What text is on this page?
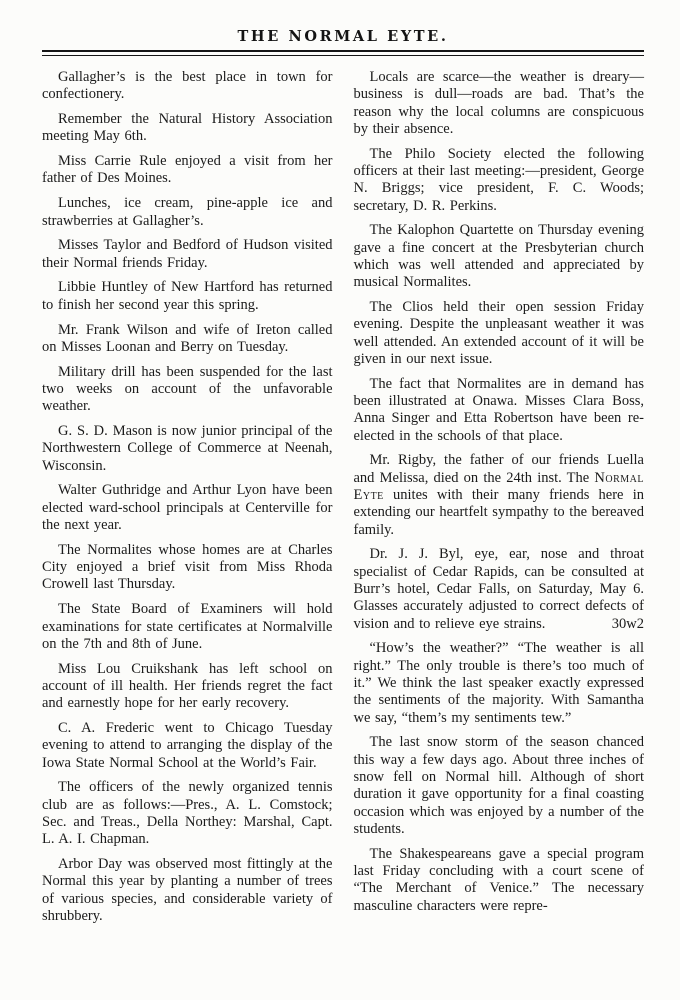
THE NORMAL EYTE.

Gallagher’s is the best place in town for confectionery.

Remember the Natural History Association meeting May 6th.

Miss Carrie Rule enjoyed a visit from her father of Des Moines.

Lunches, ice cream, pine-apple ice and strawberries at Gallagher’s.

Misses Taylor and Bedford of Hudson visited their Normal friends Friday.

Libbie Huntley of New Hartford has returned to finish her second year this spring.

Mr. Frank Wilson and wife of Ireton called on Misses Loonan and Berry on Tuesday.

Military drill has been suspended for the last two weeks on account of the unfavorable weather.

G. S. D. Mason is now junior principal of the Northwestern College of Commerce at Neenah, Wisconsin.

Walter Guthridge and Arthur Lyon have been elected ward-school principals at Centerville for the next year.

The Normalites whose homes are at Charles City enjoyed a brief visit from Miss Rhoda Crowell last Thursday.

The State Board of Examiners will hold examinations for state certificates at Normalville on the 7th and 8th of June.

Miss Lou Cruikshank has left school on account of ill health. Her friends regret the fact and earnestly hope for her early recovery.

C. A. Frederic went to Chicago Tuesday evening to attend to arranging the display of the Iowa State Normal School at the World’s Fair.

The officers of the newly organized tennis club are as follows:—Pres., A. L. Comstock; Sec. and Treas., Della Northey: Marshal, Capt. L. A. I. Chapman.

Arbor Day was observed most fittingly at the Normal this year by planting a number of trees of various species, and considerable variety of shrubbery.

Locals are scarce—the weather is dreary—business is dull—roads are bad. That’s the reason why the local columns are conspicuous by their absence.

The Philo Society elected the following officers at their last meeting:—president, George N. Briggs; vice president, F. C. Woods; secretary, D. R. Perkins.

The Kalophon Quartette on Thursday evening gave a fine concert at the Presbyterian church which was well attended and appreciated by musical Normalites.

The Clios held their open session Friday evening. Despite the unpleasant weather it was well attended. An extended account of it will be given in our next issue.

The fact that Normalites are in demand has been illustrated at Onawa. Misses Clara Boss, Anna Singer and Etta Robertson have been re-elected in the schools of that place.

Mr. Rigby, the father of our friends Luella and Melissa, died on the 24th inst. The Normal Eyte unites with their many friends here in extending our heartfelt sympathy to the bereaved family.

Dr. J. J. Byl, eye, ear, nose and throat specialist of Cedar Rapids, can be consulted at Burr’s hotel, Cedar Falls, on Saturday, May 6. Glasses accurately adjusted to correct defects of vision and to relieve eye strains.	30w2

“How’s the weather?” “The weather is all right.” The only trouble is there’s too much of it.” We think the last speaker exactly expressed the sentiments of the majority. With Samantha we say, “them’s my sentiments tew.”

The last snow storm of the season chanced this way a few days ago. About three inches of snow fell on Normal hill. Although of short duration it gave opportunity for a final coasting occasion which was enjoyed by a number of the students.

The Shakespeareans gave a special program last Friday concluding with a court scene of “The Merchant of Venice.” The necessary masculine characters were repre-
